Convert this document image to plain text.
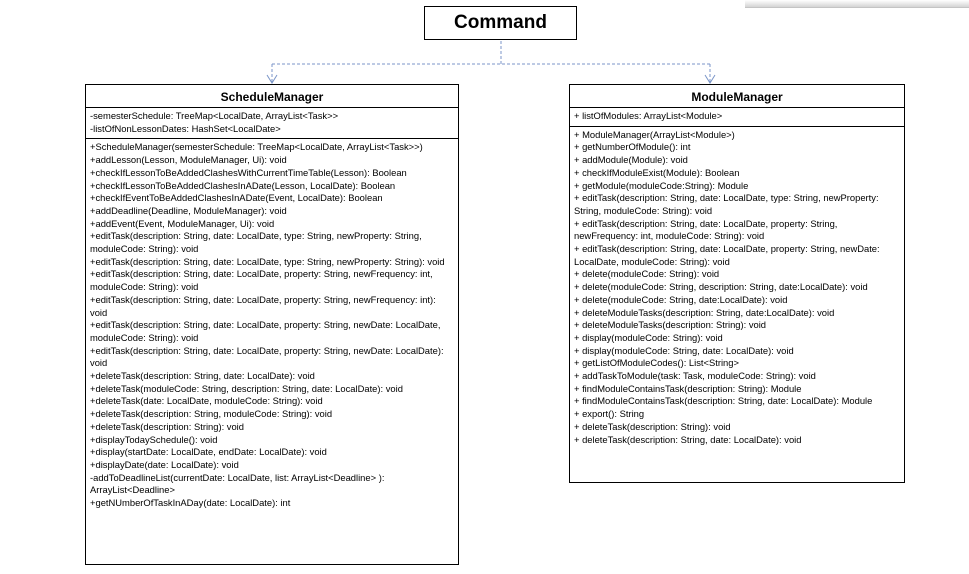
Command
ScheduleManager
-semesterSchedule: TreeMap<LocalDate, ArrayList<Task>>
-listOfNonLessonDates: HashSet<LocalDate>
+ScheduleManager(semesterSchedule: TreeMap<LocalDate, ArrayList<Task>>)
+addLesson(Lesson, ModuleManager, Ui): void
+checkIfLessonToBeAddedClashesWithCurrentTimeTable(Lesson): Boolean
+checkIfLessonToBeAddedClashesInADate(Lesson, LocalDate): Boolean
+checkIfEventToBeAddedClashesInADate(Event, LocalDate): Boolean
+addDeadline(Deadline, ModuleManager): void
+addEvent(Event, ModuleManager, Ui): void
+editTask(description: String, date: LocalDate, type: String, newProperty: String, moduleCode: String): void
+editTask(description: String, date: LocalDate, type: String, newProperty: String): void
+editTask(description: String, date: LocalDate, property: String, newFrequency: int, moduleCode: String): void
+editTask(description: String, date: LocalDate, property: String, newFrequency: int): void
+editTask(description: String, date: LocalDate, property: String, newDate: LocalDate, moduleCode: String): void
+editTask(description: String, date: LocalDate, property: String, newDate: LocalDate): void
+deleteTask(description: String, date: LocalDate): void
+deleteTask(moduleCode: String, description: String, date: LocalDate): void
+deleteTask(date: LocalDate, moduleCode: String): void
+deleteTask(description: String, moduleCode: String): void
+deleteTask(description: String): void
+displayTodaySchedule(): void
+display(startDate: LocalDate, endDate: LocalDate): void
+displayDate(date: LocalDate): void
-addToDeadlineList(currentDate: LocalDate, list: ArrayList<Deadline> ): ArrayList<Deadline>
+getNUmberOfTaskInADay(date: LocalDate): int
ModuleManager
+ listOfModules: ArrayList<Module>
+ ModuleManager(ArrayList<Module>)
+ getNumberOfModule(): int
+ addModule(Module): void
+ checkIfModuleExist(Module): Boolean
+ getModule(moduleCode:String): Module
+ editTask(description: String, date: LocalDate, type: String, newProperty: String, moduleCode: String): void
+ editTask(description: String, date: LocalDate, property: String, newFrequency: int, moduleCode: String): void
+ editTask(description: String, date: LocalDate, property: String, newDate: LocalDate, moduleCode: String): void
+ delete(moduleCode: String): void
+ delete(moduleCode: String, description: String, date:LocalDate): void
+ delete(moduleCode: String, date:LocalDate): void
+ deleteModuleTasks(description: String, date:LocalDate): void
+ deleteModuleTasks(description: String): void
+ display(moduleCode: String): void
+ display(moduleCode: String, date: LocalDate): void
+ getListOfModuleCodes(): List<String>
+ addTaskToModule(task: Task, moduleCode: String): void
+ findModuleContainsTask(description: String): Module
+ findModuleContainsTask(description: String, date: LocalDate): Module
+ export(): String
+ deleteTask(description: String): void
+ deleteTask(description: String, date: LocalDate): void
